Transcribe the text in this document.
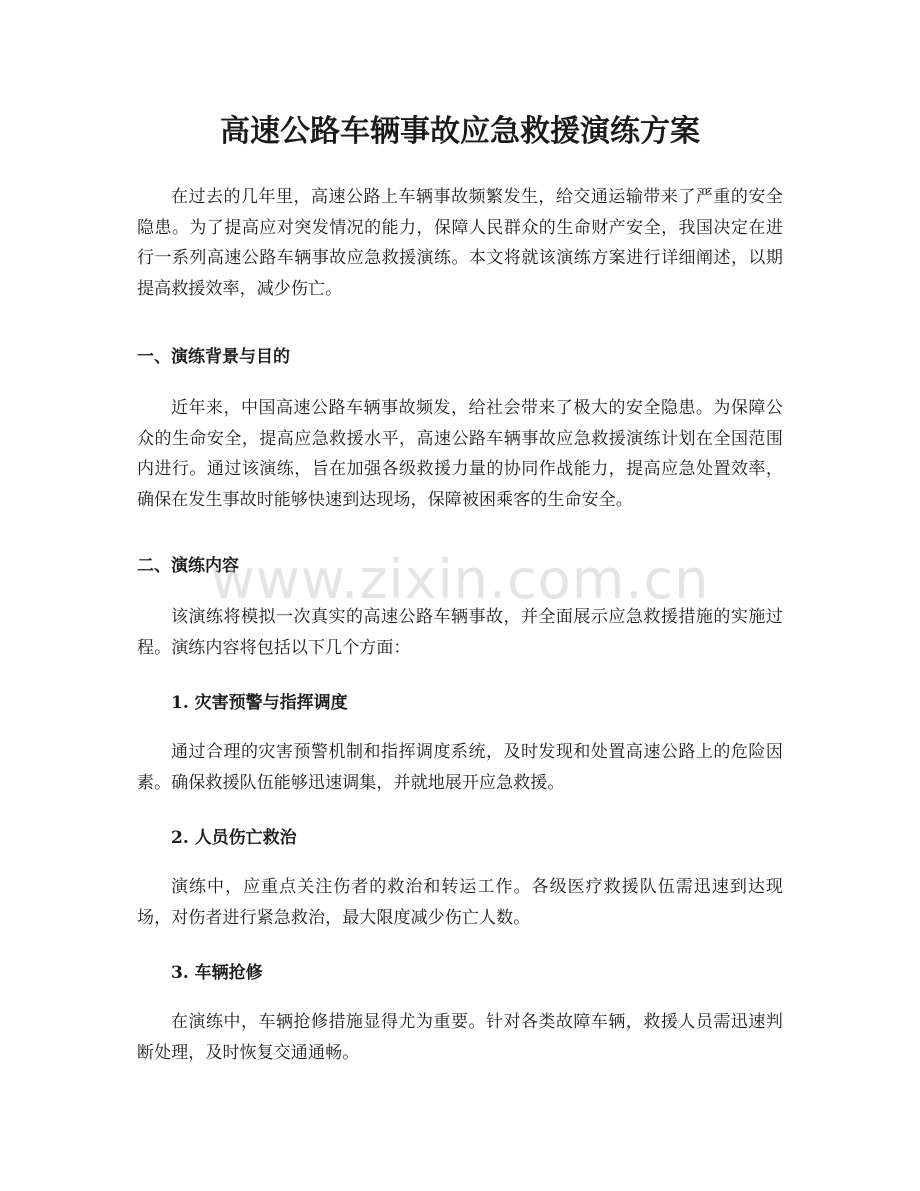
高速公路车辆事故应急救援演练方案

在过去的几年里，高速公路上车辆事故频繁发生，给交通运输带来了严重的安全隐患。为了提高应对突发情况的能力，保障人民群众的生命财产安全，我国决定在进行一系列高速公路车辆事故应急救援演练。本文将就该演练方案进行详细阐述，以期提高救援效率，减少伤亡。

一、演练背景与目的

近年来，中国高速公路车辆事故频发，给社会带来了极大的安全隐患。为保障公众的生命安全，提高应急救援水平，高速公路车辆事故应急救援演练计划在全国范围内进行。通过该演练，旨在加强各级救援力量的协同作战能力，提高应急处置效率，确保在发生事故时能够快速到达现场，保障被困乘客的生命安全。

二、演练内容

该演练将模拟一次真实的高速公路车辆事故，并全面展示应急救援措施的实施过程。演练内容将包括以下几个方面：

1. 灾害预警与指挥调度

通过合理的灾害预警机制和指挥调度系统，及时发现和处置高速公路上的危险因素。确保救援队伍能够迅速调集，并就地展开应急救援。

2. 人员伤亡救治

演练中，应重点关注伤者的救治和转运工作。各级医疗救援队伍需迅速到达现场，对伤者进行紧急救治，最大限度减少伤亡人数。

3. 车辆抢修

在演练中，车辆抢修措施显得尤为重要。针对各类故障车辆，救援人员需迅速判断处理，及时恢复交通通畅。

www.zixin.com.cn
